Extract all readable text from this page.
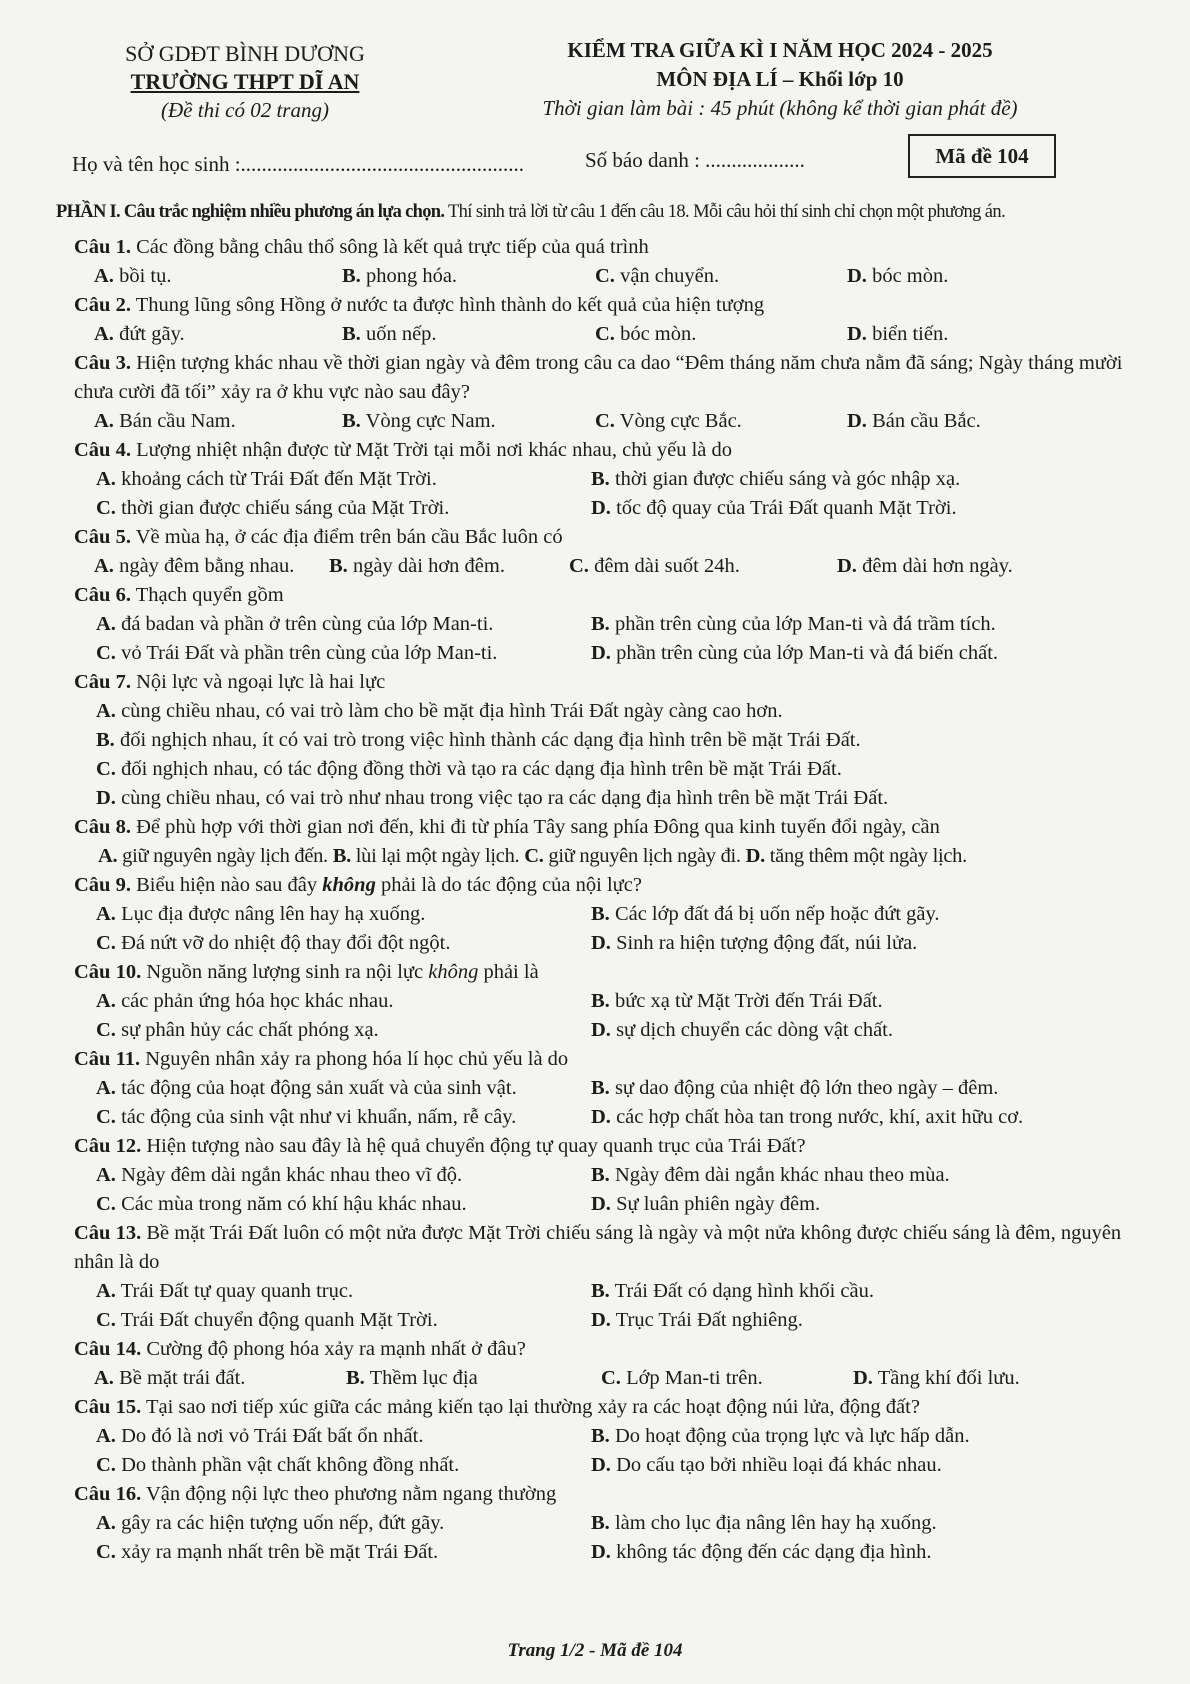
SỞ GDĐT BÌNH DƯƠNG
TRƯỜNG THPT DĨ AN
(Đề thi có 02 trang)
KIỂM TRA GIỮA KÌ I NĂM HỌC 2024 - 2025
MÔN ĐỊA LÍ – Khối lớp 10
Thời gian làm bài : 45 phút (không kể thời gian phát đề)
Họ và tên học sinh :......................................................	Số báo danh : ...................	Mã đề 104
PHẦN I. Câu trắc nghiệm nhiều phương án lựa chọn. Thí sinh trả lời từ câu 1 đến câu 18. Mỗi câu hỏi thí sinh chỉ chọn một phương án.
Câu 1. Các đồng bằng châu thổ sông là kết quả trực tiếp của quá trình
A. bồi tụ.	B. phong hóa.	C. vận chuyển.	D. bóc mòn.
Câu 2. Thung lũng sông Hồng ở nước ta được hình thành do kết quả của hiện tượng
A. đứt gãy.	B. uốn nếp.	C. bóc mòn.	D. biển tiến.
Câu 3. Hiện tượng khác nhau về thời gian ngày và đêm trong câu ca dao “Đêm tháng năm chưa nằm đã sáng; Ngày tháng mười chưa cười đã tối” xảy ra ở khu vực nào sau đây?
A. Bán cầu Nam.	B. Vòng cực Nam.	C. Vòng cực Bắc.	D. Bán cầu Bắc.
Câu 4. Lượng nhiệt nhận được từ Mặt Trời tại mỗi nơi khác nhau, chủ yếu là do
A. khoảng cách từ Trái Đất đến Mặt Trời.	B. thời gian được chiếu sáng và góc nhập xạ.
C. thời gian được chiếu sáng của Mặt Trời.	D. tốc độ quay của Trái Đất quanh Mặt Trời.
Câu 5. Về mùa hạ, ở các địa điểm trên bán cầu Bắc luôn có
A. ngày đêm bằng nhau.	B. ngày dài hơn đêm.	C. đêm dài suốt 24h.	D. đêm dài hơn ngày.
Câu 6. Thạch quyển gồm
A. đá badan và phần ở trên cùng của lớp Man-ti.	B. phần trên cùng của lớp Man-ti và đá trầm tích.
C. vỏ Trái Đất và phần trên cùng của lớp Man-ti.	D. phần trên cùng của lớp Man-ti và đá biến chất.
Câu 7. Nội lực và ngoại lực là hai lực
A. cùng chiều nhau, có vai trò làm cho bề mặt địa hình Trái Đất ngày càng cao hơn.
B. đối nghịch nhau, ít có vai trò trong việc hình thành các dạng địa hình trên bề mặt Trái Đất.
C. đối nghịch nhau, có tác động đồng thời và tạo ra các dạng địa hình trên bề mặt Trái Đất.
D. cùng chiều nhau, có vai trò như nhau trong việc tạo ra các dạng địa hình trên bề mặt Trái Đất.
Câu 8. Để phù hợp với thời gian nơi đến, khi đi từ phía Tây sang phía Đông qua kinh tuyến đổi ngày, cần
A. giữ nguyên ngày lịch đến. B. lùi lại một ngày lịch. C. giữ nguyên lịch ngày đi. D. tăng thêm một ngày lịch.
Câu 9. Biểu hiện nào sau đây không phải là do tác động của nội lực?
A. Lục địa được nâng lên hay hạ xuống.	B. Các lớp đất đá bị uốn nếp hoặc đứt gãy.
C. Đá nứt vỡ do nhiệt độ thay đổi đột ngột.	D. Sinh ra hiện tượng động đất, núi lửa.
Câu 10. Nguồn năng lượng sinh ra nội lực không phải là
A. các phản ứng hóa học khác nhau.	B. bức xạ từ Mặt Trời đến Trái Đất.
C. sự phân hủy các chất phóng xạ.	D. sự dịch chuyển các dòng vật chất.
Câu 11. Nguyên nhân xảy ra phong hóa lí học chủ yếu là do
A. tác động của hoạt động sản xuất và của sinh vật.	B. sự dao động của nhiệt độ lớn theo ngày – đêm.
C. tác động của sinh vật như vi khuẩn, nấm, rễ cây.	D. các hợp chất hòa tan trong nước, khí, axit hữu cơ.
Câu 12. Hiện tượng nào sau đây là hệ quả chuyển động tự quay quanh trục của Trái Đất?
A. Ngày đêm dài ngắn khác nhau theo vĩ độ.	B. Ngày đêm dài ngắn khác nhau theo mùa.
C. Các mùa trong năm có khí hậu khác nhau.	D. Sự luân phiên ngày đêm.
Câu 13. Bề mặt Trái Đất luôn có một nửa được Mặt Trời chiếu sáng là ngày và một nửa không được chiếu sáng là đêm, nguyên nhân là do
A. Trái Đất tự quay quanh trục.	B. Trái Đất có dạng hình khối cầu.
C. Trái Đất chuyển động quanh Mặt Trời.	D. Trục Trái Đất nghiêng.
Câu 14. Cường độ phong hóa xảy ra mạnh nhất ở đâu?
A. Bề mặt trái đất.	B. Thềm lục địa	C. Lớp Man-ti trên.	D. Tầng khí đối lưu.
Câu 15. Tại sao nơi tiếp xúc giữa các mảng kiến tạo lại thường xảy ra các hoạt động núi lửa, động đất?
A. Do đó là nơi vỏ Trái Đất bất ổn nhất.	B. Do hoạt động của trọng lực và lực hấp dẫn.
C. Do thành phần vật chất không đồng nhất.	D. Do cấu tạo bởi nhiều loại đá khác nhau.
Câu 16. Vận động nội lực theo phương nằm ngang thường
A. gây ra các hiện tượng uốn nếp, đứt gãy.	B. làm cho lục địa nâng lên hay hạ xuống.
C. xảy ra mạnh nhất trên bề mặt Trái Đất.	D. không tác động đến các dạng địa hình.
Trang 1/2 - Mã đề 104
